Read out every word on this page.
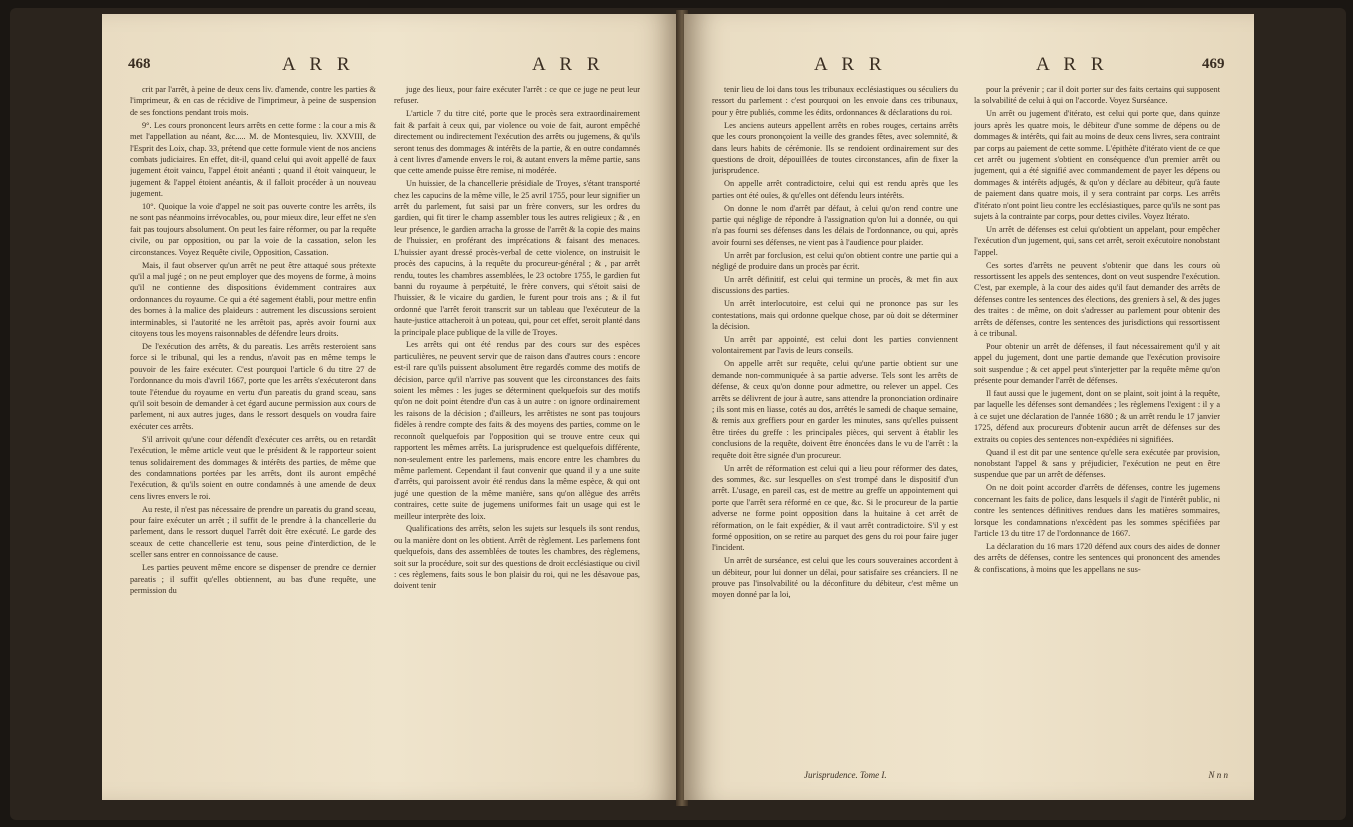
468	A R R	A R R

crit par l'arrêt, à peine de deux cens liv. d'amende, contre les parties & l'imprimeur, & en cas de récidive de l'imprimeur, à peine de suspension de ses fonctions pendant trois mois.

9°. Les cours prononcent leurs arrêts en cette forme : la cour a mis & met l'appellation au néant, &c..... M. de Montesquieu, liv. XXVIII, de l'Esprit des Loix, chap. 33, prétend que cette formule vient de nos anciens combats judiciaires. En effet, dit-il, quand celui qui avoit appellé de faux jugement étoit vaincu, l'appel étoit anéanti ; quand il étoit vainqueur, le jugement & l'appel étoient anéantis, & il falloit procéder à un nouveau jugement.

10°. Quoique la voie d'appel ne soit pas ouverte contre les arrêts, ils ne sont pas néanmoins irrévocables, ou, pour mieux dire, leur effet ne s'en fait pas toujours absolument. On peut les faire réformer, ou par la requête civile, ou par opposition, ou par la voie de la cassation, selon les circonstances. Voyez Requête civile, Opposition, Cassation.

Mais, il faut observer qu'un arrêt ne peut être attaqué sous prétexte qu'il a mal jugé ; on ne peut employer que des moyens de forme, à moins qu'il ne contienne des dispositions évidemment contraires aux ordonnances du royaume. Ce qui a été sagement établi, pour mettre enfin des bornes à la malice des plaideurs : autrement les discussions seroient interminables, si l'autorité ne les arrêtoit pas, après avoir fourni aux citoyens tous les moyens raisonnables de défendre leurs droits.

De l'exécution des arrêts, & du pareatis. Les arrêts resteroient sans force si le tribunal, qui les a rendus, n'avoit pas en même temps le pouvoir de les faire exécuter. C'est pourquoi l'article 6 du titre 27 de l'ordonnance du mois d'avril 1667, porte que les arrêts s'exécuteront dans toute l'étendue du royaume en vertu d'un pareatis du grand sceau, sans qu'il soit besoin de demander à cet égard aucune permission aux cours de parlement, ni aux autres juges, dans le ressort desquels on voudra faire exécuter ces arrêts.

S'il arrivoit qu'une cour défendît d'exécuter ces arrêts, ou en retardât l'exécution, le même article veut que le président & le rapporteur soient tenus solidairement des dommages & intérêts des parties, de même que des condamnations portées par les arrêts, dont ils auront empêché l'exécution, & qu'ils soient en outre condamnés à une amende de deux cens livres envers le roi.

Au reste, il n'est pas nécessaire de prendre un pareatis du grand sceau, pour faire exécuter un arrêt ; il suffit de le prendre à la chancellerie du parlement, dans le ressort duquel l'arrêt doit être exécuté. Le garde des sceaux de cette chancellerie est tenu, sous peine d'interdiction, de le sceller sans entrer en connoissance de cause.

Les parties peuvent même encore se dispenser de prendre ce dernier pareatis ; il suffit qu'elles obtiennent, au bas d'une requête, une permission du

juge des lieux, pour faire exécuter l'arrêt : ce que ce juge ne peut leur refuser.

L'article 7 du titre cité, porte que le procès sera extraordinairement fait & parfait à ceux qui, par violence ou voie de fait, auront empêché directement ou indirectement l'exécution des arrêts ou jugemens, & qu'ils seront tenus des dommages & intérêts de la partie, & en outre condamnés à cent livres d'amende envers le roi, & autant envers la même partie, sans que cette amende puisse être remise, ni modérée.

Un huissier, de la chancellerie présidiale de Troyes, s'étant transporté chez les capucins de la même ville, le 25 avril 1755, pour leur signifier un arrêt du parlement, fut saisi par un frère convers, sur les ordres du gardien, qui fit tirer le champ assembler tous les autres religieux ; & , en leur présence, le gardien arracha la grosse de l'arrêt & la copie des mains de l'huissier, en proférant des imprécations & faisant des menaces. L'huissier ayant dressé procès-verbal de cette violence, on instruisit le procès des capucins, à la requête du procureur-général ; & , par arrêt rendu, toutes les chambres assemblées, le 23 octobre 1755, le gardien fut banni du royaume à perpétuité, le frère convers, qui s'étoit saisi de l'huissier, & le vicaire du gardien, le furent pour trois ans ; & il fut ordonné que l'arrêt feroit transcrit sur un tableau que l'exécuteur de la haute-justice attacheroit à un poteau, qui, pour cet effet, seroit planté dans la principale place publique de la ville de Troyes.

Les arrêts qui ont été rendus par des cours sur des espèces particulières, ne peuvent servir que de raison dans d'autres cours : encore est-il rare qu'ils puissent absolument être regardés comme des motifs de décision, parce qu'il n'arrive pas souvent que les circonstances des faits soient les mêmes : les juges se déterminent quelquefois sur des motifs qu'on ne doit point étendre d'un cas à un autre : on ignore ordinairement les raisons de la décision ; d'ailleurs, les arrêtistes ne sont pas toujours fidèles à rendre compte des faits & des moyens des parties, comme on le reconnoît quelquefois par l'opposition qui se trouve entre ceux qui rapportent les mêmes arrêts. La jurisprudence est quelquefois différente, non-seulement entre les parlemens, mais encore entre les chambres du même parlement. Cependant il faut convenir que quand il y a une suite d'arrêts, qui paroissent avoir été rendus dans la même espèce, & qui ont jugé une question de la même manière, sans qu'on allègue des arrêts contraires, cette suite de jugemens uniformes fait un usage qui est le meilleur interprète des loix.

Qualifications des arrêts, selon les sujets sur lesquels ils sont rendus, ou la manière dont on les obtient. Arrêt de règlement. Les parlemens font quelquefois, dans des assemblées de toutes les chambres, des règlemens, soit sur la procédure, soit sur des questions de droit ecclésiastique ou civil : ces règlemens, faits sous le bon plaisir du roi, qui ne les désavoue pas, doivent tenir

A R R	A R R	469

tenir lieu de loi dans tous les tribunaux ecclésiastiques ou séculiers du ressort du parlement : c'est pourquoi on les envoie dans ces tribunaux, pour y être publiés, comme les édits, ordonnances & déclarations du roi.

Les anciens auteurs appellent arrêts en robes rouges, certains arrêts que les cours prononçoient la veille des grandes fêtes, avec solemnité, & dans leurs habits de cérémonie. Ils se rendoient ordinairement sur des questions de droit, dépouillées de toutes circonstances, afin de fixer la jurisprudence.

On appelle arrêt contradictoire, celui qui est rendu après que les parties ont été ouïes, & qu'elles ont défendu leurs intérêts.

On donne le nom d'arrêt par défaut, à celui qu'on rend contre une partie qui néglige de répondre à l'assignation qu'on lui a donnée, ou qui n'a pas fourni ses défenses dans les délais de l'ordonnance, ou qui, après avoir fourni ses défenses, ne vient pas à l'audience pour plaider.

Un arrêt par forclusion, est celui qu'on obtient contre une partie qui a négligé de produire dans un procès par écrit.

Un arrêt définitif, est celui qui termine un procès, & met fin aux discussions des parties.

Un arrêt interlocutoire, est celui qui ne prononce pas sur les contestations, mais qui ordonne quelque chose, par où doit se déterminer la décision.

Un arrêt par appointé, est celui dont les parties conviennent volontairement par l'avis de leurs conseils.

On appelle arrêt sur requête, celui qu'une partie obtient sur une demande non-communiquée à sa partie adverse. Tels sont les arrêts de défense, & ceux qu'on donne pour admettre, ou relever un appel. Ces arrêts se délivrent de jour à autre, sans attendre la prononciation ordinaire ; ils sont mis en liasse, cotés au dos, arrêtés le samedi de chaque semaine, & remis aux greffiers pour en garder les minutes, sans qu'elles puissent être tirées du greffe : les principales pièces, qui servent à établir les conclusions de la requête, doivent être énoncées dans le vu de l'arrêt : la requête doit être signée d'un procureur.

Un arrêt de réformation est celui qui a lieu pour réformer des dates, des sommes, &c. sur lesquelles on s'est trompé dans le dispositif d'un arrêt. L'usage, en pareil cas, est de mettre au greffe un appointement qui porte que l'arrêt sera réformé en ce que, &c. Si le procureur de la partie adverse ne forme point opposition dans la huitaine à cet arrêt de réformation, on le fait expédier, & il vaut arrêt contradictoire. S'il y est formé opposition, on se retire au parquet des gens du roi pour faire juger l'incident.

Un arrêt de surséance, est celui que les cours souveraines accordent à un débiteur, pour lui donner un délai, pour satisfaire ses créanciers. Il ne prouve pas l'insolvabilité ou la déconfiture du débiteur, c'est même un moyen donné par la loi,

pour la prévenir ; car il doit porter sur des faits certains qui supposent la solvabilité de celui à qui on l'accorde. Voyez Surséance.

Un arrêt ou jugement d'itérato, est celui qui porte que, dans quinze jours après les quatre mois, le débiteur d'une somme de dépens ou de dommages & intérêts, qui fait au moins de deux cens livres, sera contraint par corps au paiement de cette somme. L'épithète d'itérato vient de ce que cet arrêt ou jugement s'obtient en conséquence d'un premier arrêt ou jugement, qui a été signifié avec commandement de payer les dépens ou dommages & intérêts adjugés, & qu'on y déclare au débiteur, qu'à faute de paiement dans quatre mois, il y sera contraint par corps. Les arrêts d'itérato n'ont point lieu contre les ecclésiastiques, parce qu'ils ne sont pas sujets à la contrainte par corps, pour dettes civiles. Voyez Itérato.

Un arrêt de défenses est celui qu'obtient un appelant, pour empêcher l'exécution d'un jugement, qui, sans cet arrêt, seroit exécutoire nonobstant l'appel.

Ces sortes d'arrêts ne peuvent s'obtenir que dans les cours où ressortissent les appels des sentences, dont on veut suspendre l'exécution. C'est, par exemple, à la cour des aides qu'il faut demander des arrêts de défenses contre les sentences des élections, des greniers à sel, & des juges des traites : de même, on doit s'adresser au parlement pour obtenir des arrêts de défenses, contre les sentences des jurisdictions qui ressortissent à ce tribunal.

Pour obtenir un arrêt de défenses, il faut nécessairement qu'il y ait appel du jugement, dont une partie demande que l'exécution provisoire soit suspendue ; & cet appel peut s'interjetter par la requête même qu'on présente pour demander l'arrêt de défenses.

Il faut aussi que le jugement, dont on se plaint, soit joint à la requête, par laquelle les défenses sont demandées ; les règlemens l'exigent : il y a à ce sujet une déclaration de l'année 1680 ; & un arrêt rendu le 17 janvier 1725, défend aux procureurs d'obtenir aucun arrêt de défenses sur des extraits ou copies des sentences non-expédiées ni signifiées.

Quand il est dit par une sentence qu'elle sera exécutée par provision, nonobstant l'appel & sans y préjudicier, l'exécution ne peut en être suspendue que par un arrêt de défenses.

On ne doit point accorder d'arrêts de défenses, contre les jugemens concernant les faits de police, dans lesquels il s'agit de l'intérêt public, ni contre les sentences définitives rendues dans les matières sommaires, lorsque les condamnations n'excèdent pas les sommes spécifiées par l'article 13 du titre 17 de l'ordonnance de 1667.

La déclaration du 16 mars 1720 défend aux cours des aides de donner des arrêts de défenses, contre les sentences qui prononcent des amendes & confiscations, à moins que les appellans ne sus-

Jurisprudence. Tome I.	N n n
